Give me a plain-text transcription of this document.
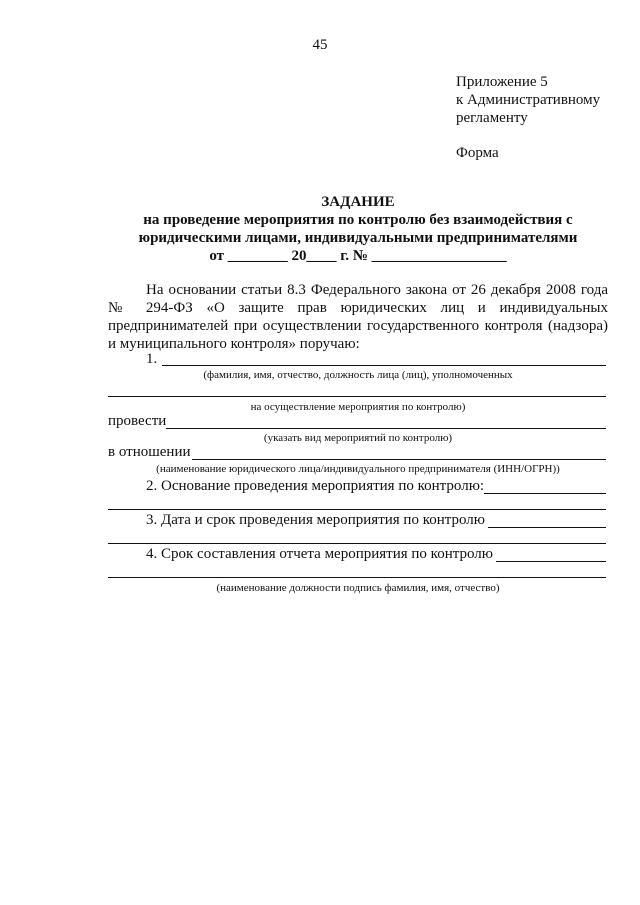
45
Приложение 5
к Административному
регламенту
Форма
ЗАДАНИЕ
на проведение мероприятия по контролю без взаимодействия с
юридическими лицами, индивидуальными предпринимателями
от ________ 20____ г. № __________________
На основании статьи 8.3 Федерального закона от 26 декабря 2008 года
№ 294-ФЗ «О защите прав юридических лиц и индивидуальных
предпринимателей при осуществлении государственного контроля (надзора)
и муниципального контроля» поручаю:
1.
(фамилия, имя, отчество, должность лица (лиц), уполномоченных
на осуществление мероприятия по контролю)
провести
(указать вид мероприятий по контролю)
в отношении
(наименование юридического лица/индивидуального предпринимателя (ИНН/ОГРН))
2. Основание проведения мероприятия по контролю:
3. Дата и срок проведения мероприятия по контролю
4. Срок составления отчета мероприятия по контролю
(наименование должности подпись фамилия, имя, отчество)
